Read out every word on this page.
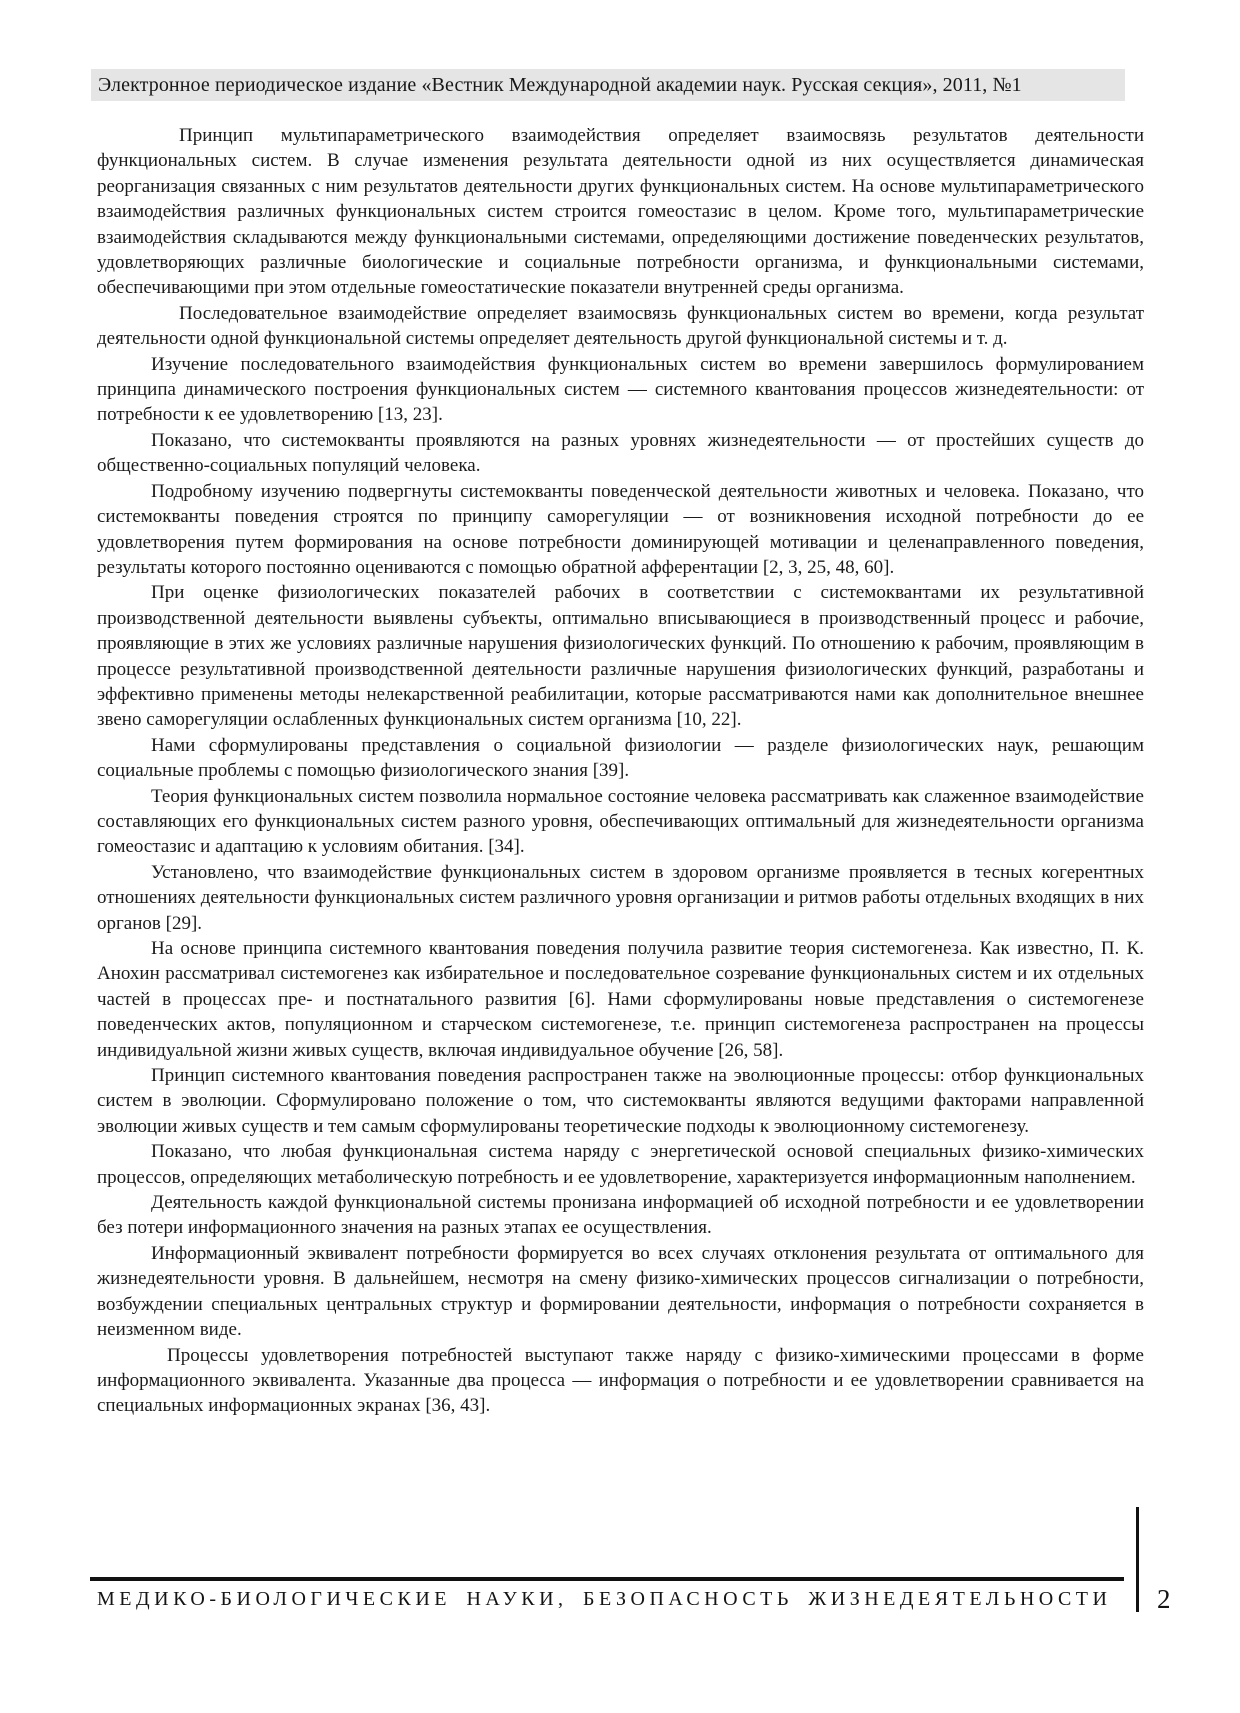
Электронное периодическое издание «Вестник Международной академии наук. Русская секция», 2011, №1

Принцип мультипараметрического взаимодействия определяет взаимосвязь результатов деятельности функциональных систем. В случае изменения результата деятельности одной из них осуществляется динамическая реорганизация связанных с ним результатов деятельности других функциональных систем. На основе мультипараметрического взаимодействия различных функциональных систем строится гомеостазис в целом. Кроме того, мультипараметрические взаимодействия складываются между функциональными системами, определяющими достижение поведенческих результатов, удовлетворяющих различные биологические и социальные потребности организма, и функциональными системами, обеспечивающими при этом отдельные гомеостатические показатели внутренней среды организма.

Последовательное взаимодействие определяет взаимосвязь функциональных систем во времени, когда результат деятельности одной функциональной системы определяет деятельность другой функциональной системы и т. д.

Изучение последовательного взаимодействия функциональных систем во времени завершилось формулированием принципа динамического построения функциональных систем — системного квантования процессов жизнедеятельности: от потребности к ее удовлетворению [13, 23].

Показано, что системокванты проявляются на разных уровнях жизнедеятельности — от простейших существ до общественно-социальных популяций человека.

Подробному изучению подвергнуты системокванты поведенческой деятельности животных и человека. Показано, что системокванты поведения строятся по принципу саморегуляции — от возникновения исходной потребности до ее удовлетворения путем формирования на основе потребности доминирующей мотивации и целенаправленного поведения, результаты которого постоянно оцениваются с помощью обратной афферентации [2, 3, 25, 48, 60].

При оценке физиологических показателей рабочих в соответствии с системоквантами их результативной производственной деятельности выявлены субъекты, оптимально вписывающиеся в производственный процесс и рабочие, проявляющие в этих же условиях различные нарушения физиологических функций. По отношению к рабочим, проявляющим в процессе результативной производственной деятельности различные нарушения физиологических функций, разработаны и эффективно применены методы нелекарственной реабилитации, которые рассматриваются нами как дополнительное внешнее звено саморегуляции ослабленных функциональных систем организма [10, 22].

Нами сформулированы представления о социальной физиологии — разделе физиологических наук, решающим социальные проблемы с помощью физиологического знания [39].

Теория функциональных систем позволила нормальное состояние человека рассматривать как слаженное взаимодействие составляющих его функциональных систем разного уровня, обеспечивающих оптимальный для жизнедеятельности организма гомеостазис и адаптацию к условиям обитания. [34].

Установлено, что взаимодействие функциональных систем в здоровом организме проявляется в тесных когерентных отношениях деятельности функциональных систем различного уровня организации и ритмов работы отдельных входящих в них органов [29].

На основе принципа системного квантования поведения получила развитие теория системогенеза. Как известно, П. К. Анохин рассматривал системогенез как избирательное и последовательное созревание функциональных систем и их отдельных частей в процессах пре- и постнатального развития [6]. Нами сформулированы новые представления о системогенезе поведенческих актов, популяционном и старческом системогенезе, т.е. принцип системогенеза распространен на процессы индивидуальной жизни живых существ, включая индивидуальное обучение [26, 58].

Принцип системного квантования поведения распространен также на эволюционные процессы: отбор функциональных систем в эволюции. Сформулировано положение о том, что системокванты являются ведущими факторами направленной эволюции живых существ и тем самым сформулированы теоретические подходы к эволюционному системогенезу.

Показано, что любая функциональная система наряду с энергетической основой специальных физико-химических процессов, определяющих метаболическую потребность и ее удовлетворение, характеризуется информационным наполнением.

Деятельность каждой функциональной системы пронизана информацией об исходной потребности и ее удовлетворении без потери информационного значения на разных этапах ее осуществления.

Информационный эквивалент потребности формируется во всех случаях отклонения результата от оптимального для жизнедеятельности уровня. В дальнейшем, несмотря на смену физико-химических процессов сигнализации о потребности, возбуждении специальных центральных структур и формировании деятельности, информация о потребности сохраняется в неизменном виде.

Процессы удовлетворения потребностей выступают также наряду с физико-химическими процессами в форме информационного эквивалента. Указанные два процесса — информация о потребности и ее удовлетворении сравнивается на специальных информационных экранах [36, 43].

МЕДИКО-БИОЛОГИЧЕСКИЕ НАУКИ, БЕЗОПАСНОСТЬ ЖИЗНЕДЕЯТЕЛЬНОСТИ	2
